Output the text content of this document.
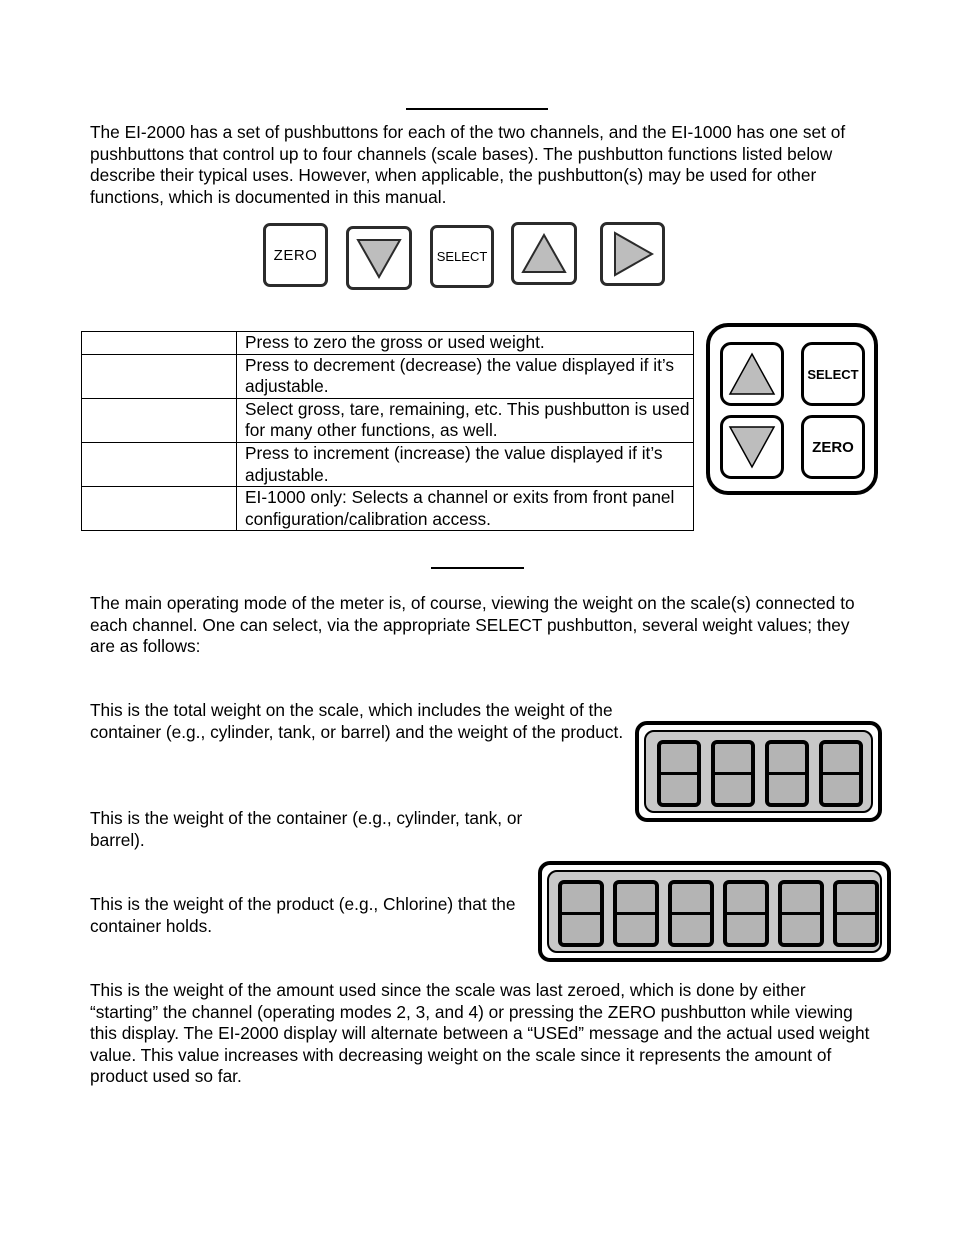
The EI-2000 has a set of pushbuttons for each of the two channels, and the EI-1000 has one set of pushbuttons that control up to four channels (scale bases). The pushbutton functions listed below describe their typical uses. However, when applicable, the pushbutton(s) may be used for other functions, which is documented in this manual.

ZERO	SELECT
	Press to zero the gross or used weight.
	Press to decrement (decrease) the value displayed if it’s adjustable.
	Select gross, tare, remaining, etc. This pushbutton is used for many other functions, as well.
	Press to increment (increase) the value displayed if it’s adjustable.
	EI-1000 only: Selects a channel or exits from front panel configuration/calibration access.
SELECT
ZERO

The main operating mode of the meter is, of course, viewing the weight on the scale(s) connected to each channel. One can select, via the appropriate SELECT pushbutton, several weight values; they are as follows:

This is the total weight on the scale, which includes the weight of the container (e.g., cylinder, tank, or barrel) and the weight of the product.

This is the weight of the container (e.g., cylinder, tank, or barrel).

This is the weight of the product (e.g., Chlorine) that the container holds.

This is the weight of the amount used since the scale was last zeroed, which is done by either “starting” the channel (operating modes 2, 3, and 4) or pressing the ZERO pushbutton while viewing this display. The EI-2000 display will alternate between a “USEd” message and the actual used weight value. This value increases with decreasing weight on the scale since it represents the amount of product used so far.
